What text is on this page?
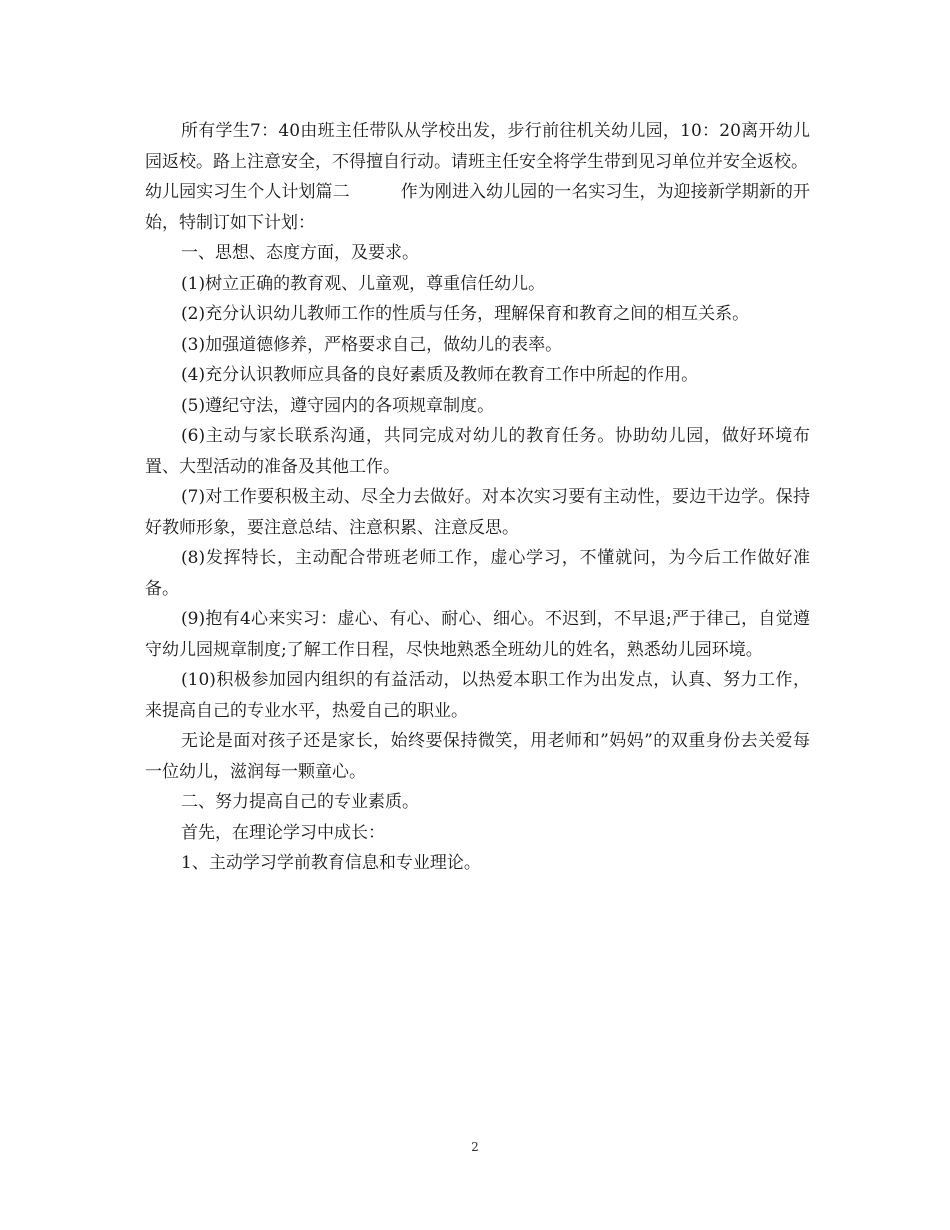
所有学生7：40由班主任带队从学校出发，步行前往机关幼儿园，10：20离开幼儿园返校。路上注意安全，不得擅自行动。请班主任安全将学生带到见习单位并安全返校。

幼儿园实习生个人计划篇二　　　作为刚进入幼儿园的一名实习生，为迎接新学期新的开始，特制订如下计划：

一、思想、态度方面，及要求。

(1)树立正确的教育观、儿童观，尊重信任幼儿。

(2)充分认识幼儿教师工作的性质与任务，理解保育和教育之间的相互关系。

(3)加强道德修养，严格要求自己，做幼儿的表率。

(4)充分认识教师应具备的良好素质及教师在教育工作中所起的作用。

(5)遵纪守法，遵守园内的各项规章制度。

(6)主动与家长联系沟通，共同完成对幼儿的教育任务。协助幼儿园，做好环境布置、大型活动的准备及其他工作。

(7)对工作要积极主动、尽全力去做好。对本次实习要有主动性，要边干边学。保持好教师形象，要注意总结、注意积累、注意反思。

(8)发挥特长，主动配合带班老师工作，虚心学习，不懂就问，为今后工作做好准备。

(9)抱有4心来实习：虚心、有心、耐心、细心。不迟到，不早退;严于律己，自觉遵守幼儿园规章制度;了解工作日程，尽快地熟悉全班幼儿的姓名，熟悉幼儿园环境。

(10)积极参加园内组织的有益活动，以热爱本职工作为出发点，认真、努力工作，来提高自己的专业水平，热爱自己的职业。

无论是面对孩子还是家长，始终要保持微笑，用老师和”妈妈”的双重身份去关爱每一位幼儿，滋润每一颗童心。

二、努力提高自己的专业素质。

首先，在理论学习中成长：

1、主动学习学前教育信息和专业理论。

2
